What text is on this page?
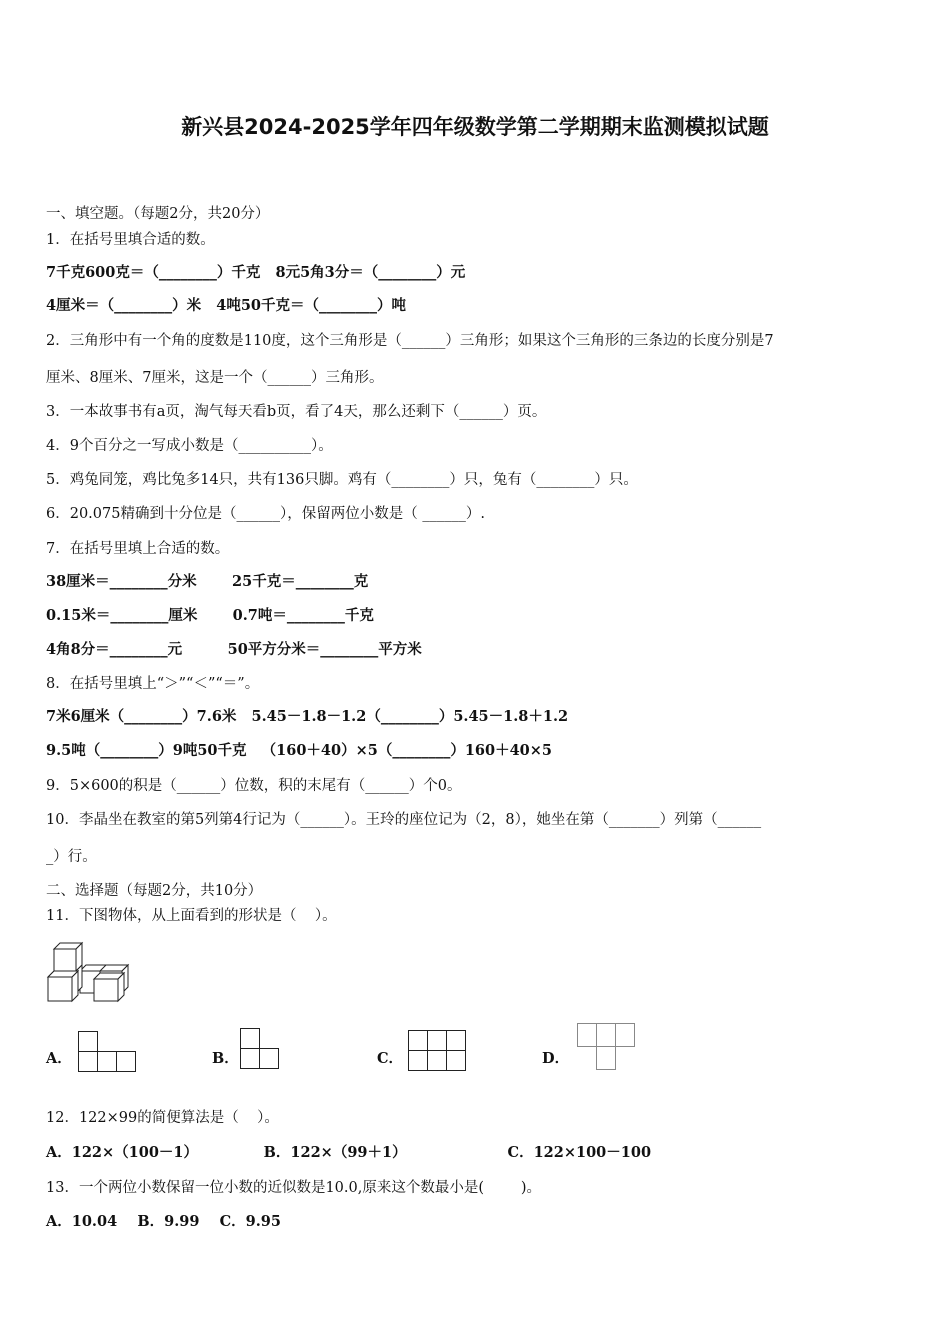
新兴县2024-2025学年四年级数学第二学期期末监测模拟试题
一、填空题。（每题2分，共20分）
1．在括号里填合适的数。
7千克600克＝（________）千克   8元5角3分＝（________）元
4厘米＝（________）米   4吨50千克＝（________）吨
2．三角形中有一个角的度数是110度，这个三角形是（______）三角形；如果这个三角形的三条边的长度分别是7
厘米、8厘米、7厘米，这是一个（______）三角形。
3．一本故事书有a页，淘气每天看b页，看了4天，那么还剩下（______）页。
4．9个百分之一写成小数是（__________）。
5．鸡兔同笼，鸡比兔多14只，共有136只脚。鸡有（________）只，兔有（________）只。
6．20.075精确到十分位是（______），保留两位小数是（ ______）.
7．在括号里填上合适的数。
38厘米＝________分米       25千克＝________克
0.15米＝________厘米       0.7吨＝________千克
4角8分＝________元         50平方分米＝________平方米
8．在括号里填上“＞”“＜”“＝”。
7米6厘米（________）7.6米   5.45－1.8－1.2（________）5.45－1.8＋1.2
9.5吨（________）9吨50千克   （160＋40）×5（________）160＋40×5
9．5×600的积是（______）位数，积的末尾有（______）个0。
10．李晶坐在教室的第5列第4行记为（______）。王玲的座位记为（2，8），她坐在第（_______）列第（______
_）行。
二、选择题（每题2分，共10分）
11．下图物体，从上面看到的形状是（    ）。
A．	B．	C．	D．
12．122×99的简便算法是（    ）。
A．122×（100－1）             B．122×（99＋1）                    C．122×100－100
13．一个两位小数保留一位小数的近似数是10.0,原来这个数最小是(        )。
A．10.04    B．9.99    C．9.95
